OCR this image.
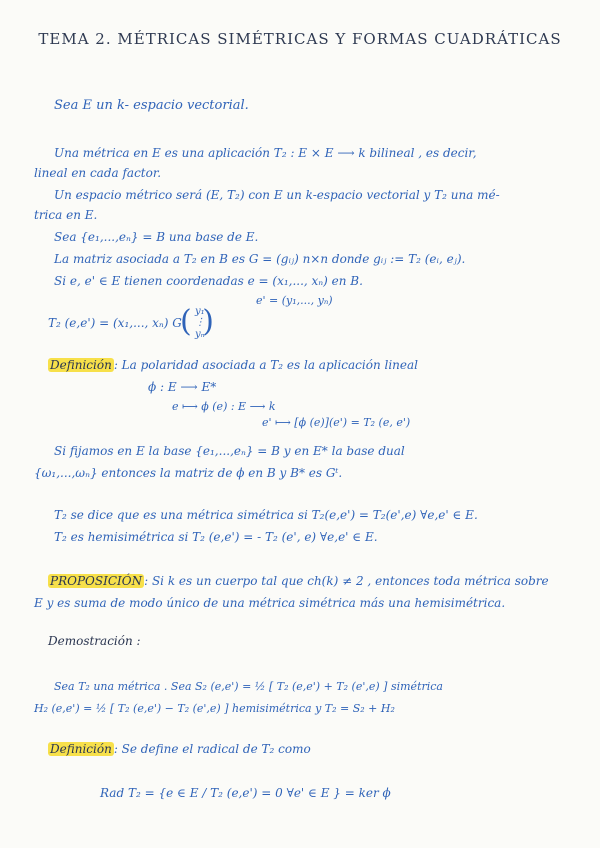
TEMA 2. MÉTRICAS SIMÉTRICAS Y FORMAS CUADRÁTICAS
Sea E un k- espacio vectorial.
Una métrica en E es una aplicación T₂ : E × E ⟶ k bilineal , es decir,
lineal en cada factor.
Un espacio métrico será (E, T₂) con E un k-espacio vectorial y T₂ una mé-
trica en E.
Sea {e₁,...,eₙ} = B una base de E.
La matriz asociada a T₂ en B es G = (gᵢⱼ) n×n donde gᵢⱼ := T₂ (eᵢ, eⱼ).
Si e, e' ∈ E tienen coordenadas e = (x₁,..., xₙ) en B.
e' = (y₁,..., yₙ)
T₂ (e,e') = (x₁,..., xₙ) G
( y₁
⋮
yₙ
)
Definición : La polaridad asociada a T₂ es la aplicación lineal
ϕ : E ⟶ E*
e ⟼ ϕ (e) : E ⟶ k
e' ⟼ [ϕ (e)](e') = T₂ (e, e')
Si fijamos en E la base {e₁,...,eₙ} = B y en E* la base dual
{ω₁,...,ωₙ} entonces la matriz de ϕ en B y B* es Gᵗ.
T₂ se dice que es una métrica simétrica si T₂(e,e') = T₂(e',e) ∀e,e' ∈ E.
T₂ es hemisimétrica si T₂ (e,e') = - T₂ (e', e) ∀e,e' ∈ E.
PROPOSICIÓN : Si k es un cuerpo tal que ch(k) ≠ 2 , entonces toda métrica sobre
E y es suma de modo único de una métrica simétrica más una hemisimétrica.
Demostración :
Sea T₂ una métrica . Sea S₂ (e,e') = ½ [ T₂ (e,e') + T₂ (e',e) ] simétrica
H₂ (e,e') = ½ [ T₂ (e,e') − T₂ (e',e) ] hemisimétrica y T₂ = S₂ + H₂
Definición : Se define el radical de T₂ como
Rad T₂ = {e ∈ E / T₂ (e,e') = 0 ∀e' ∈ E } = ker ϕ
